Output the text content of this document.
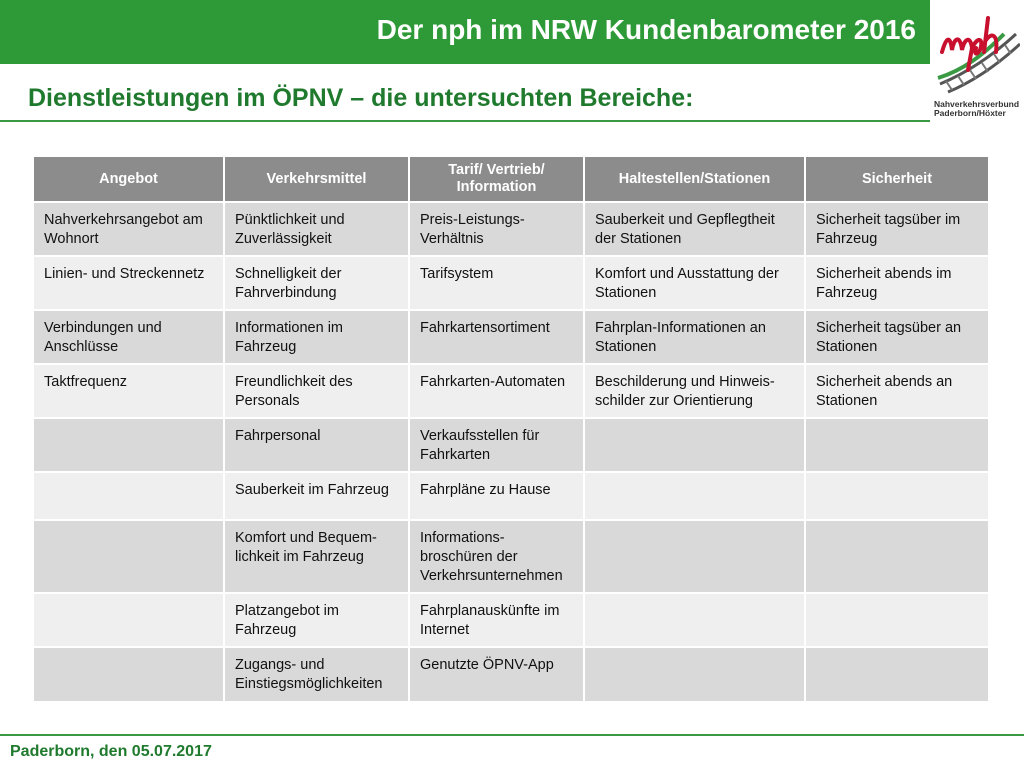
Der nph im NRW Kundenbarometer 2016
Nahverkehrsverbund
Paderborn/Höxter
Dienstleistungen im ÖPNV – die untersuchten Bereiche:
Angebot	Verkehrsmittel	Tarif/ Vertrieb/ Information	Haltestellen/Stationen	Sicherheit
Nahverkehrsangebot am Wohnort	Pünktlichkeit und Zuverlässigkeit	Preis-Leistungs-Verhältnis	Sauberkeit und Gepflegtheit der Stationen	Sicherheit tagsüber im Fahrzeug
Linien- und Streckennetz	Schnelligkeit der Fahrverbindung	Tarifsystem	Komfort und Ausstattung der Stationen	Sicherheit abends im Fahrzeug
Verbindungen und Anschlüsse	Informationen im Fahrzeug	Fahrkartensortiment	Fahrplan-Informationen an Stationen	Sicherheit tagsüber an Stationen
Taktfrequenz	Freundlichkeit des Personals	Fahrkarten-Automaten	Beschilderung und Hinweis-schilder zur Orientierung	Sicherheit abends an Stationen
	Fahrpersonal	Verkaufsstellen für Fahrkarten		
	Sauberkeit im Fahrzeug	Fahrpläne zu Hause		
	Komfort und Bequem-lichkeit im Fahrzeug	Informations-broschüren der Verkehrsunternehmen		
	Platzangebot im Fahrzeug	Fahrplanauskünfte im Internet		
	Zugangs- und Einstiegsmöglichkeiten	Genutzte ÖPNV-App		
Paderborn, den 05.07.2017
